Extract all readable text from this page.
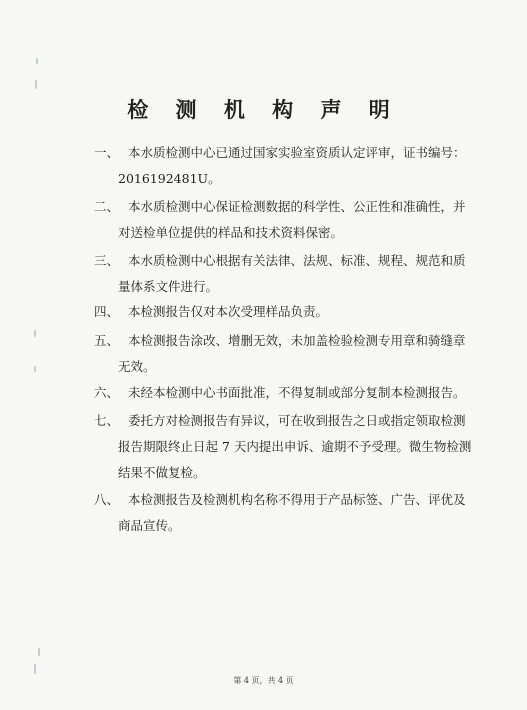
检 测 机 构 声 明
一、 本水质检测中心已通过国家实验室资质认定评审，证书编号：
2016192481U。
二、 本水质检测中心保证检测数据的科学性、公正性和准确性，并
对送检单位提供的样品和技术资料保密。
三、 本水质检测中心根据有关法律、法规、标准、规程、规范和质
量体系文件进行。
四、 本检测报告仅对本次受理样品负责。
五、 本检测报告涂改、增删无效，未加盖检验检测专用章和骑缝章
无效。
六、 未经本检测中心书面批准，不得复制或部分复制本检测报告。
七、 委托方对检测报告有异议，可在收到报告之日或指定领取检测
报告期限终止日起 7 天内提出申诉、逾期不予受理。微生物检测
结果不做复检。
八、 本检测报告及检测机构名称不得用于产品标签、广告、评优及
商品宣传。
第 4 页，共 4 页
